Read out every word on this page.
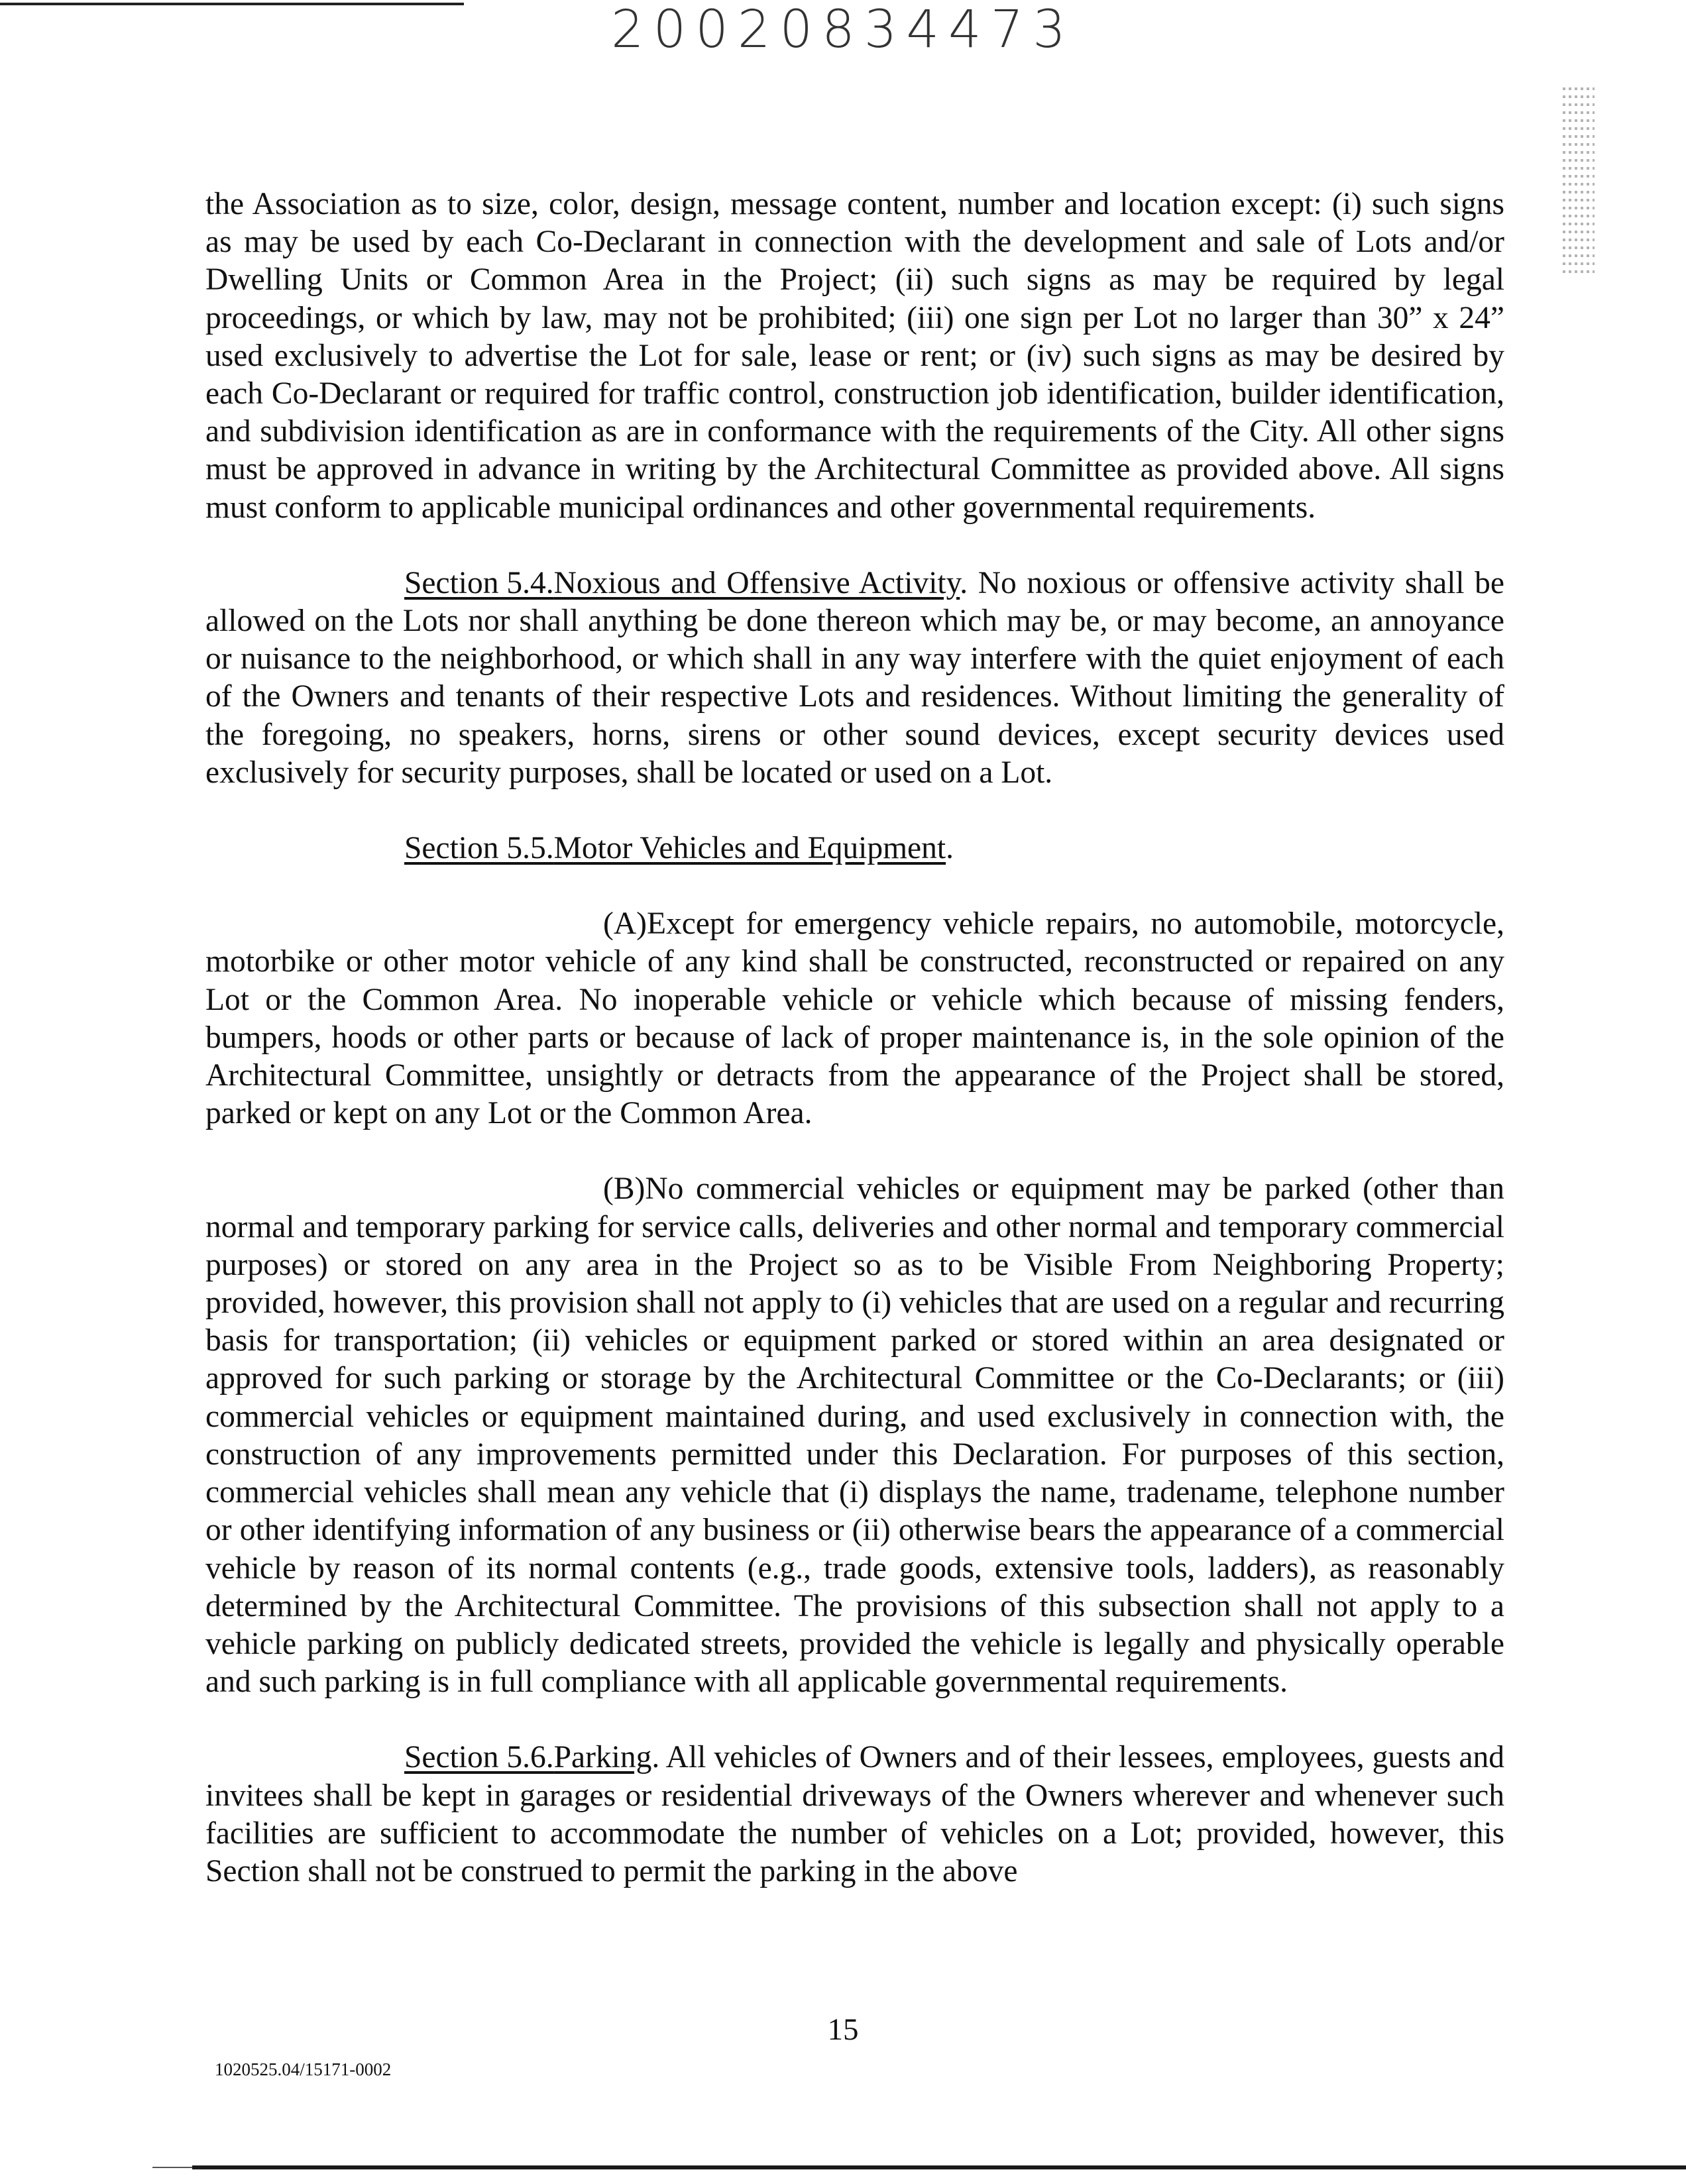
20020834473

the Association as to size, color, design, message content, number and location except: (i) such signs as may be used by each Co-Declarant in connection with the development and sale of Lots and/or Dwelling Units or Common Area in the Project; (ii) such signs as may be required by legal proceedings, or which by law, may not be prohibited; (iii) one sign per Lot no larger than 30” x 24” used exclusively to advertise the Lot for sale, lease or rent; or (iv) such signs as may be desired by each Co-Declarant or required for traffic control, construction job identification, builder identification, and subdivision identification as are in conformance with the requirements of the City. All other signs must be approved in advance in writing by the Architectural Committee as provided above. All signs must conform to applicable municipal ordinances and other governmental requirements.

Section 5.4.Noxious and Offensive Activity. No noxious or offensive activity shall be allowed on the Lots nor shall anything be done thereon which may be, or may become, an annoyance or nuisance to the neighborhood, or which shall in any way interfere with the quiet enjoyment of each of the Owners and tenants of their respective Lots and residences. Without limiting the generality of the foregoing, no speakers, horns, sirens or other sound devices, except security devices used exclusively for security purposes, shall be located or used on a Lot.

Section 5.5.Motor Vehicles and Equipment.

(A)Except for emergency vehicle repairs, no automobile, motorcycle, motorbike or other motor vehicle of any kind shall be constructed, reconstructed or repaired on any Lot or the Common Area. No inoperable vehicle or vehicle which because of missing fenders, bumpers, hoods or other parts or because of lack of proper maintenance is, in the sole opinion of the Architectural Committee, unsightly or detracts from the appearance of the Project shall be stored, parked or kept on any Lot or the Common Area.

(B)No commercial vehicles or equipment may be parked (other than normal and temporary parking for service calls, deliveries and other normal and temporary commercial purposes) or stored on any area in the Project so as to be Visible From Neighboring Property; provided, however, this provision shall not apply to (i) vehicles that are used on a regular and recurring basis for transportation; (ii) vehicles or equipment parked or stored within an area designated or approved for such parking or storage by the Architectural Committee or the Co-Declarants; or (iii) commercial vehicles or equipment maintained during, and used exclusively in connection with, the construction of any improvements permitted under this Declaration. For purposes of this section, commercial vehicles shall mean any vehicle that (i) displays the name, tradename, telephone number or other identifying information of any business or (ii) otherwise bears the appearance of a commercial vehicle by reason of its normal contents (e.g., trade goods, extensive tools, ladders), as reasonably determined by the Architectural Committee. The provisions of this subsection shall not apply to a vehicle parking on publicly dedicated streets, provided the vehicle is legally and physically operable and such parking is in full compliance with all applicable governmental requirements.

Section 5.6.Parking. All vehicles of Owners and of their lessees, employees, guests and invitees shall be kept in garages or residential driveways of the Owners wherever and whenever such facilities are sufficient to accommodate the number of vehicles on a Lot; provided, however, this Section shall not be construed to permit the parking in the above

15
1020525.04/15171-0002
